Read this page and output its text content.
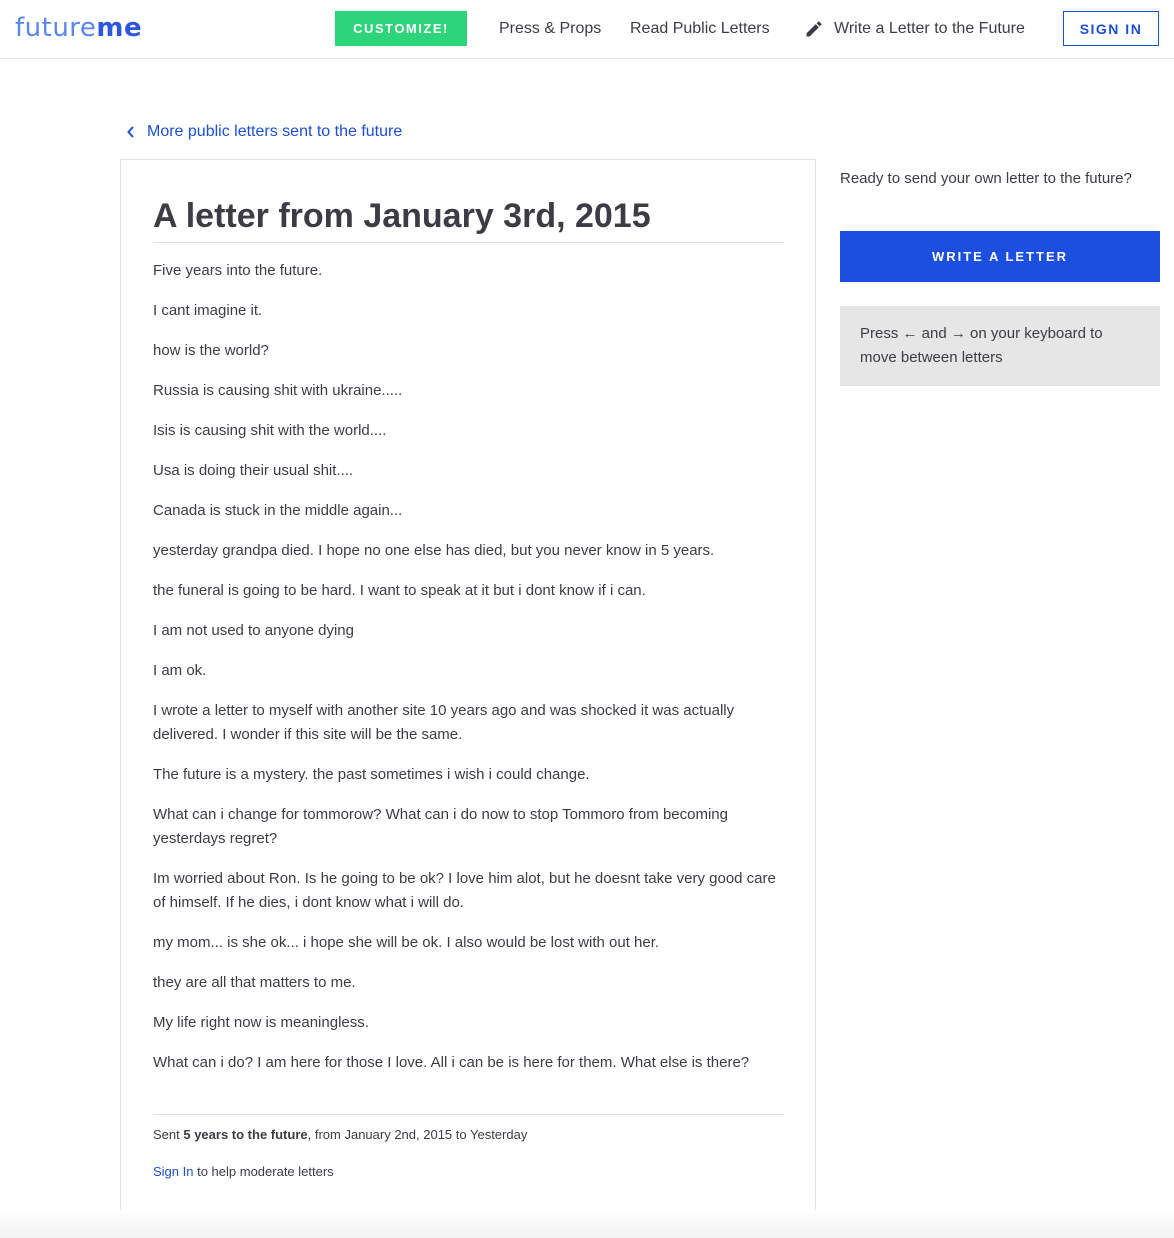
futureme	CUSTOMIZE!	Press & Props Read Public Letters	Write a Letter to the Future	SIGN IN
More public letters sent to the future
A letter from January 3rd, 2015

Five years into the future.

I cant imagine it.

how is the world?

Russia is causing shit with ukraine.....

Isis is causing shit with the world....

Usa is doing their usual shit....

Canada is stuck in the middle again...

yesterday grandpa died. I hope no one else has died, but you never know in 5 years.

the funeral is going to be hard. I want to speak at it but i dont know if i can.

I am not used to anyone dying

I am ok.

I wrote a letter to myself with another site 10 years ago and was shocked it was actually delivered. I wonder if this site will be the same.

The future is a mystery. the past sometimes i wish i could change.

What can i change for tommorow? What can i do now to stop Tommoro from becoming yesterdays regret?

Im worried about Ron. Is he going to be ok? I love him alot, but he doesnt take very good care of himself. If he dies, i dont know what i will do.

my mom... is she ok... i hope she will be ok. I also would be lost with out her.

they are all that matters to me.

My life right now is meaningless.

What can i do? I am here for those I love. All i can be is here for them. What else is there?

Sent 5 years to the future, from January 2nd, 2015 to Yesterday
Sign In to help moderate letters
Ready to send your own letter to the future?
WRITE A LETTER
Press ← and → on your keyboard to move between letters
